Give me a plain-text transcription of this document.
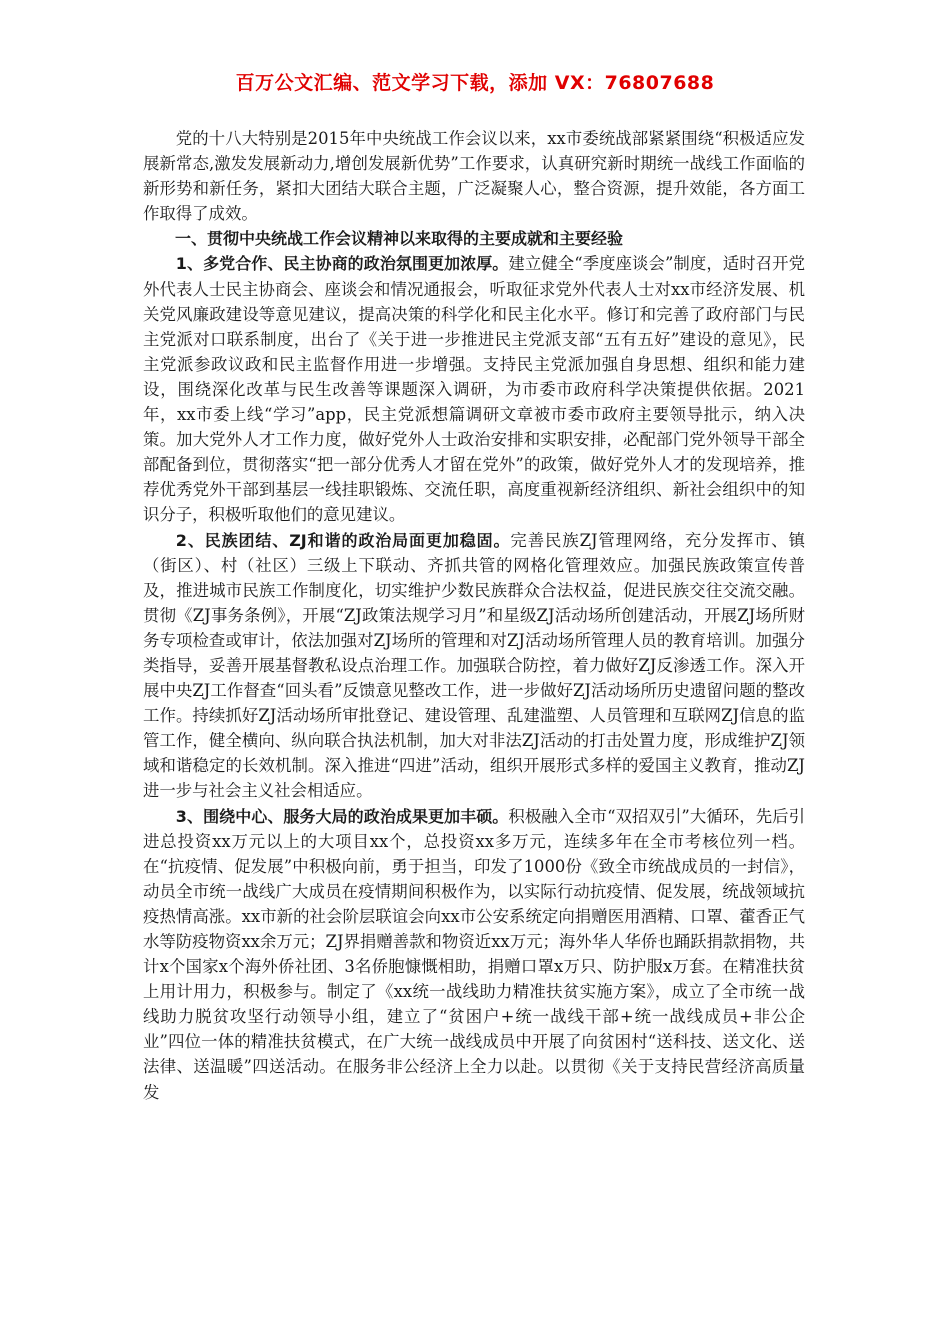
百万公文汇编、范文学习下载，添加 VX：76807688

党的十八大特别是2015年中央统战工作会议以来，xx市委统战部紧紧围绕“积极适应发展新常态,激发发展新动力,增创发展新优势”工作要求，认真研究新时期统一战线工作面临的新形势和新任务，紧扣大团结大联合主题，广泛凝聚人心，整合资源，提升效能，各方面工作取得了成效。

一、贯彻中央统战工作会议精神以来取得的主要成就和主要经验

1、多党合作、民主协商的政治氛围更加浓厚。建立健全“季度座谈会”制度，适时召开党外代表人士民主协商会、座谈会和情况通报会，听取征求党外代表人士对xx市经济发展、机关党风廉政建设等意见建议，提高决策的科学化和民主化水平。修订和完善了政府部门与民主党派对口联系制度，出台了《关于进一步推进民主党派支部“五有五好”建设的意见》，民主党派参政议政和民主监督作用进一步增强。支持民主党派加强自身思想、组织和能力建设，围绕深化改革与民生改善等课题深入调研，为市委市政府科学决策提供依据。2021年，xx市委上线“学习”app，民主党派想篇调研文章被市委市政府主要领导批示，纳入决策。加大党外人才工作力度，做好党外人士政治安排和实职安排，必配部门党外领导干部全部配备到位，贯彻落实“把一部分优秀人才留在党外”的政策，做好党外人才的发现培养，推荐优秀党外干部到基层一线挂职锻炼、交流任职，高度重视新经济组织、新社会组织中的知识分子，积极听取他们的意见建议。

2、民族团结、ZJ和谐的政治局面更加稳固。完善民族ZJ管理网络，充分发挥市、镇（街区）、村（社区）三级上下联动、齐抓共管的网格化管理效应。加强民族政策宣传普及，推进城市民族工作制度化，切实维护少数民族群众合法权益，促进民族交往交流交融。贯彻《ZJ事务条例》，开展“ZJ政策法规学习月”和星级ZJ活动场所创建活动，开展ZJ场所财务专项检查或审计，依法加强对ZJ场所的管理和对ZJ活动场所管理人员的教育培训。加强分类指导，妥善开展基督教私设点治理工作。加强联合防控，着力做好ZJ反渗透工作。深入开展中央ZJ工作督查“回头看”反馈意见整改工作，进一步做好ZJ活动场所历史遗留问题的整改工作。持续抓好ZJ活动场所审批登记、建设管理、乱建滥塑、人员管理和互联网ZJ信息的监管工作，健全横向、纵向联合执法机制，加大对非法ZJ活动的打击处置力度，形成维护ZJ领域和谐稳定的长效机制。深入推进“四进”活动，组织开展形式多样的爱国主义教育，推动ZJ进一步与社会主义社会相适应。

3、围绕中心、服务大局的政治成果更加丰硕。积极融入全市“双招双引”大循环，先后引进总投资xx万元以上的大项目xx个，总投资xx多万元，连续多年在全市考核位列一档。在“抗疫情、促发展”中积极向前，勇于担当，印发了1000份《致全市统战成员的一封信》，动员全市统一战线广大成员在疫情期间积极作为，以实际行动抗疫情、促发展，统战领域抗疫热情高涨。xx市新的社会阶层联谊会向xx市公安系统定向捐赠医用酒精、口罩、藿香正气水等防疫物资xx余万元；ZJ界捐赠善款和物资近xx万元；海外华人华侨也踊跃捐款捐物，共计x个国家x个海外侨社团、3名侨胞慷慨相助，捐赠口罩x万只、防护服x万套。在精准扶贫上用计用力，积极参与。制定了《xx统一战线助力精准扶贫实施方案》，成立了全市统一战线助力脱贫攻坚行动领导小组，建立了“贫困户+统一战线干部+统一战线成员+非公企业”四位一体的精准扶贫模式，在广大统一战线成员中开展了向贫困村“送科技、送文化、送法律、送温暖”四送活动。在服务非公经济上全力以赴。以贯彻《关于支持民营经济高质量发
